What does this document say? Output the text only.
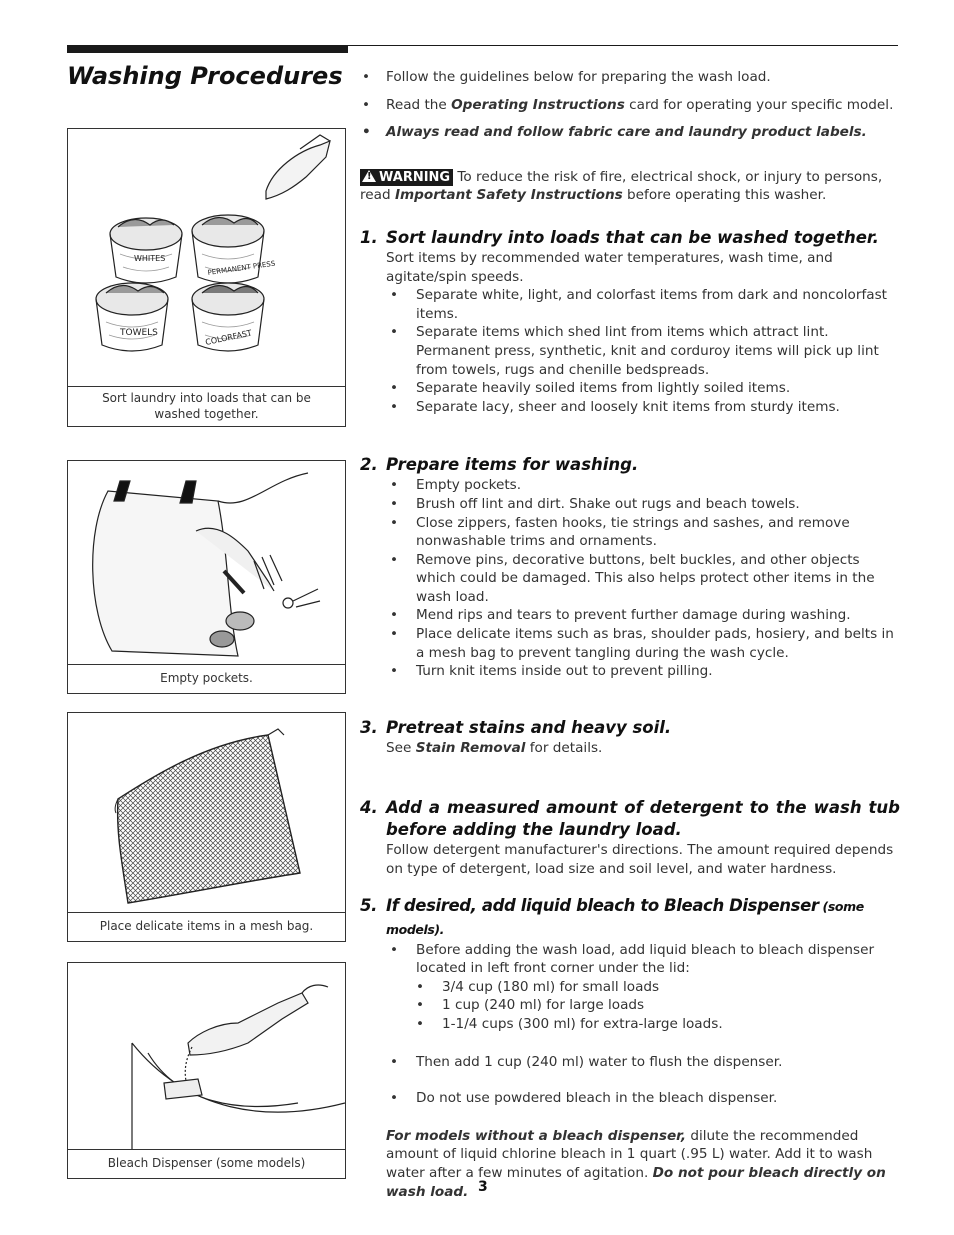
Washing Procedures
WHITES
PERMANENT PRESS
TOWELS	COLORFAST
Sort laundry into loads that can be washed together.
Empty pockets.
Place delicate items in a mesh bag.
Bleach Dispenser (some models)

• Follow the guidelines below for preparing the wash load.

• Read the Operating Instructions card for operating your specific model.

• Always read and follow fabric care and laundry product labels.

! WARNING To reduce the risk of fire, electrical shock, or injury to persons, read Important Safety Instructions before operating this washer.

1. Sort laundry into loads that can be washed together.

Sort items by recommended water temperatures, wash time, and agitate/spin speeds.

• Separate white, light, and colorfast items from dark and noncolorfast items.

• Separate items which shed lint from items which attract lint. Permanent press, synthetic, knit and corduroy items will pick up lint from towels, rugs and chenille bedspreads.

• Separate heavily soiled items from lightly soiled items.

• Separate lacy, sheer and loosely knit items from sturdy items.

2. Prepare items for washing.

• Empty pockets.

• Brush off lint and dirt. Shake out rugs and beach towels.

• Close zippers, fasten hooks, tie strings and sashes, and remove nonwashable trims and ornaments.

• Remove pins, decorative buttons, belt buckles, and other objects which could be damaged. This also helps protect other items in the wash load.

• Mend rips and tears to prevent further damage during washing.

• Place delicate items such as bras, shoulder pads, hosiery, and belts in a mesh bag to prevent tangling during the wash cycle.

• Turn knit items inside out to prevent pilling.

3. Pretreat stains and heavy soil.

See Stain Removal for details.

4. Add a measured amount of detergent to the wash tub before adding the laundry load.

Follow detergent manufacturer's directions. The amount required depends on type of detergent, load size and soil level, and water hardness.

5. If desired, add liquid bleach to Bleach Dispenser (some models).

• Before adding the wash load, add liquid bleach to bleach dispenser located in left front corner under the lid:

• 3/4 cup (180 ml) for small loads

• 1 cup (240 ml) for large loads

• 1-1/4 cups (300 ml) for extra-large loads.

• Then add 1 cup (240 ml) water to flush the dispenser.

• Do not use powdered bleach in the bleach dispenser.

For models without a bleach dispenser, dilute the recommended amount of liquid chlorine bleach in 1 quart (.95 L) water. Add it to wash water after a few minutes of agitation. Do not pour bleach directly on wash load. 3
